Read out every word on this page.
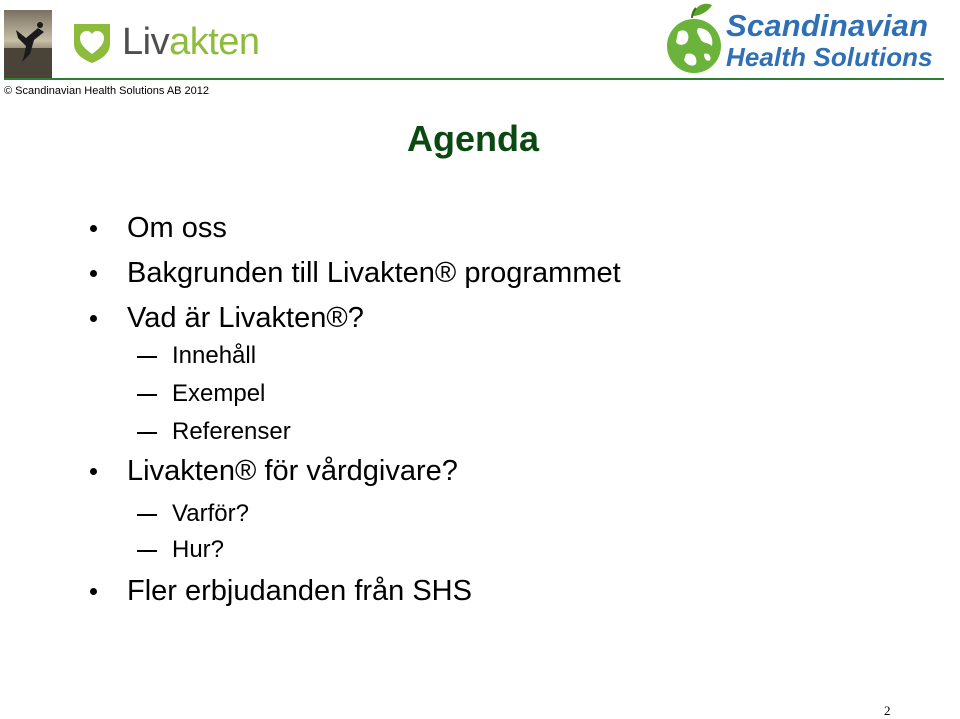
Livakten	Scandinavian
Health Solutions
© Scandinavian Health Solutions AB 2012
Agenda
Om oss
Bakgrunden till Livakten® programmet
Vad är Livakten®?
Innehåll
Exempel
Referenser
Livakten® för vårdgivare?
Varför?
Hur?
Fler erbjudanden från SHS
2
